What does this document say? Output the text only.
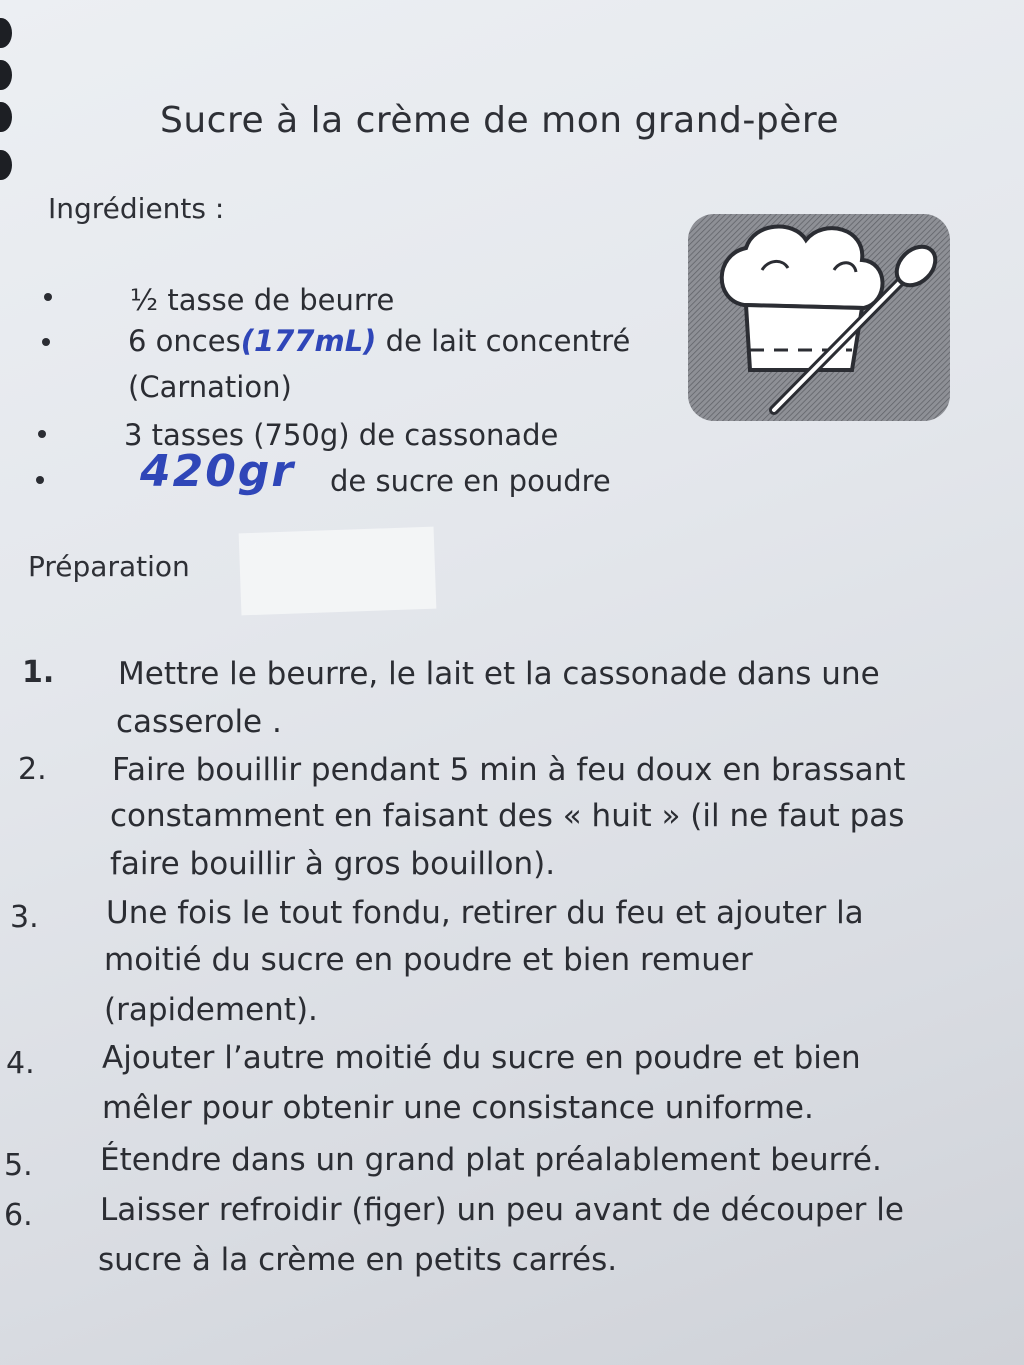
Sucre à la crème de mon grand-père
Ingrédients :
½ tasse de beurre
6 onces(177mL) de lait concentré
(Carnation)
3 tasses (750g) de cassonade
420gr de sucre en poudre
Préparation
1. Mettre le beurre, le lait et la cassonade dans une
casserole .
2. Faire bouillir pendant 5 min à feu doux en brassant
constamment en faisant des « huit » (il ne faut pas
faire bouillir à gros bouillon).
3. Une fois le tout fondu, retirer du feu et ajouter la
moitié du sucre en poudre et bien remuer
(rapidement).
4. Ajouter l’autre moitié du sucre en poudre et bien
mêler pour obtenir une consistance uniforme.
5. Étendre dans un grand plat préalablement beurré.
6. Laisser refroidir (figer) un peu avant de découper le
sucre à la crème en petits carrés.
